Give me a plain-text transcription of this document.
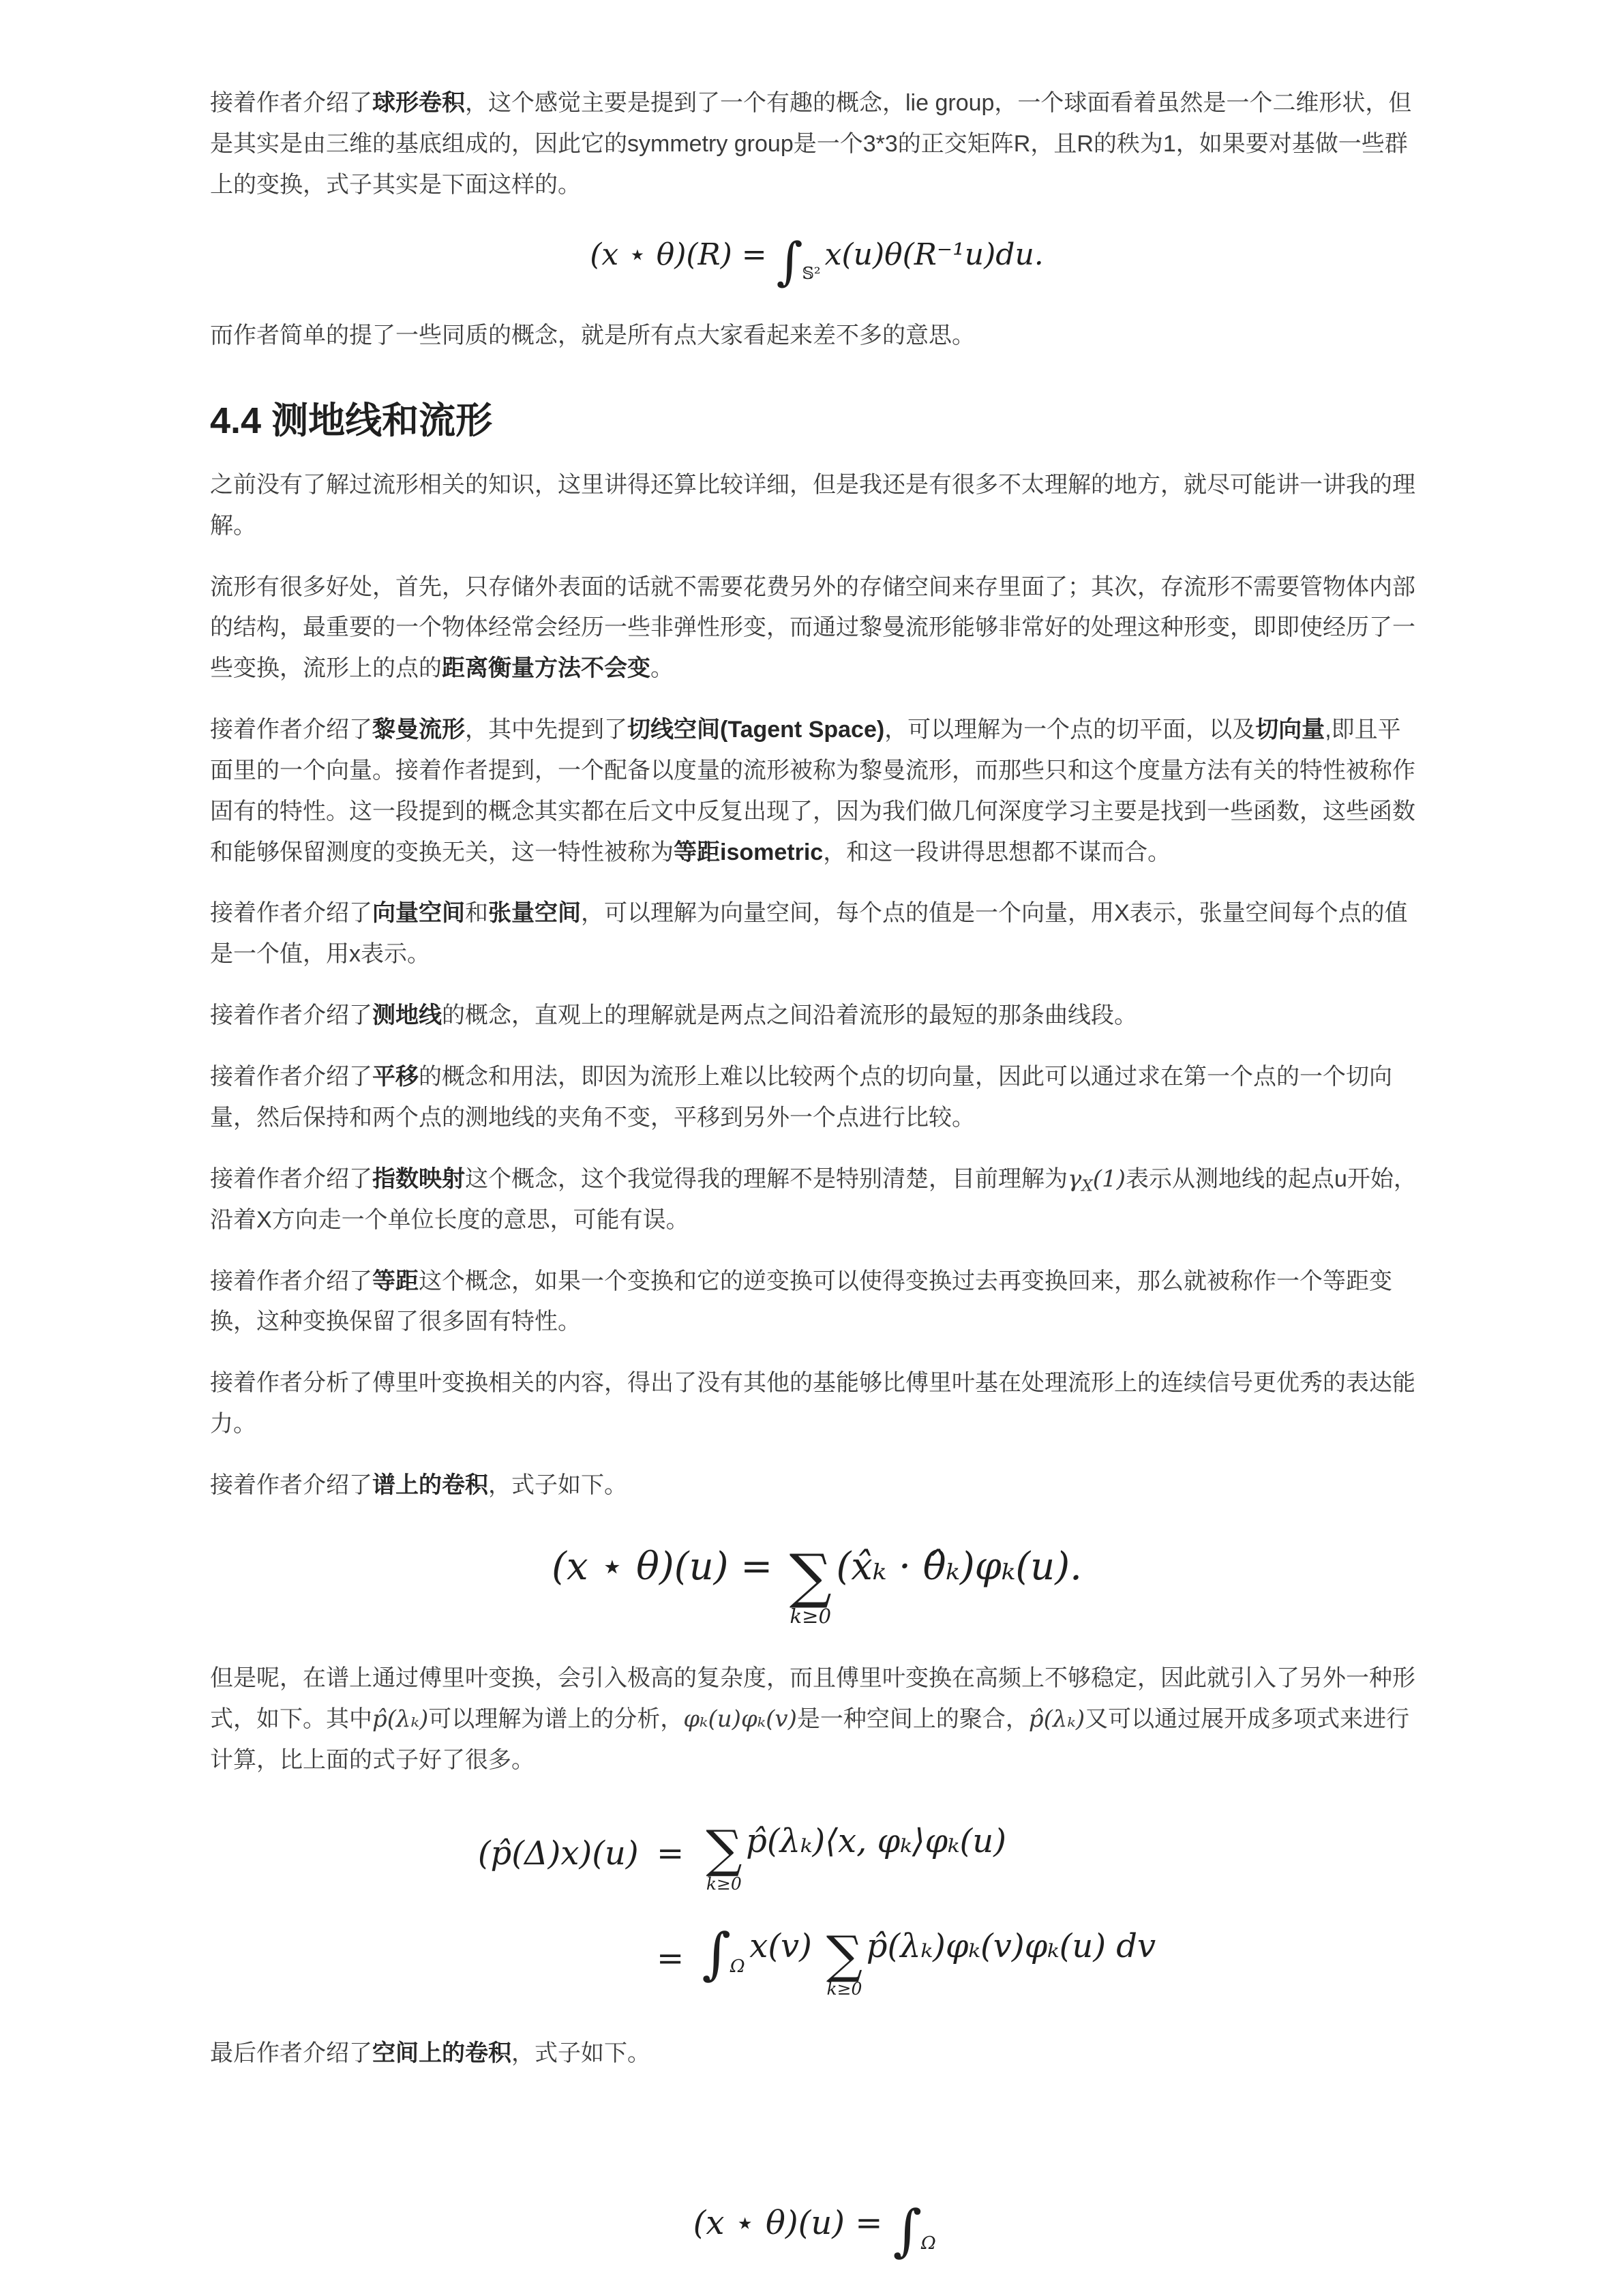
接着作者介绍了球形卷积，这个感觉主要是提到了一个有趣的概念，lie group，一个球面看着虽然是一个二维形状，但是其实是由三维的基底组成的，因此它的symmetry group是一个3*3的正交矩阵R，且R的秩为1，如果要对基做一些群上的变换，式子其实是下面这样的。

(x ⋆ $\theta)(R) = \int_{𝕊^2}x(u)\theta(R^{-1}u)du$.

而作者简单的提了一些同质的概念，就是所有点大家看起来差不多的意思。

4.4 测地线和流形

之前没有了解过流形相关的知识，这里讲得还算比较详细，但是我还是有很多不太理解的地方，就尽可能讲一讲我的理解。

流形有很多好处，首先，只存储外表面的话就不需要花费另外的存储空间来存里面了；其次，存流形不需要管物体内部的结构，最重要的一个物体经常会经历一些非弹性形变，而通过黎曼流形能够非常好的处理这种形变，即即使经历了一些变换，流形上的点的距离衡量方法不会变。

接着作者介绍了黎曼流形，其中先提到了切线空间(Tagent Space)，可以理解为一个点的切平面，以及切向量,即且平面里的一个向量。接着作者提到，一个配备以度量的流形被称为黎曼流形，而那些只和这个度量方法有关的特性被称作固有的特性。这一段提到的概念其实都在后文中反复出现了，因为我们做几何深度学习主要是找到一些函数，这些函数和能够保留测度的变换无关，这一特性被称为等距isometric，和这一段讲得思想都不谋而合。

接着作者介绍了向量空间和张量空间，可以理解为向量空间，每个点的值是一个向量，用X表示，张量空间每个点的值是一个值，用x表示。

接着作者介绍了测地线的概念，直观上的理解就是两点之间沿着流形的最短的那条曲线段。

接着作者介绍了平移的概念和用法，即因为流形上难以比较两个点的切向量，因此可以通过求在第一个点的一个切向量，然后保持和两个点的测地线的夹角不变，平移到另外一个点进行比较。

接着作者介绍了指数映射这个概念，这个我觉得我的理解不是特别清楚，目前理解为γX(1)表示从测地线的起点u开始，沿着X方向走一个单位长度的意思，可能有误。

接着作者介绍了等距这个概念，如果一个变换和它的逆变换可以使得变换过去再变换回来，那么就被称作一个等距变换，这种变换保留了很多固有特性。

接着作者分析了傅里叶变换相关的内容，得出了没有其他的基能够比傅里叶基在处理流形上的连续信号更优秀的表达能力。

接着作者介绍了谱上的卷积，式子如下。

(x ⋆ θ)(u) = ∑
k≥0
(x̂ₖ · θ̂ₖ)φₖ(u).

但是呢，在谱上通过傅里叶变换，会引入极高的复杂度，而且傅里叶变换在高频上不够稳定，因此就引入了另外一种形式，如下。其中p̂(λₖ)可以理解为谱上的分析，φₖ(u)φₖ(v)是一种空间上的聚合，p̂(λₖ)又可以通过展开成多项式来进行计算，比上面的式子好了很多。

(p̂(Δ)x)(u) = ∑
k≥0
p̂(λₖ)⟨x, φₖ⟩φₖ(u)
= $\int_\Omega x(v)$ ∑
k≥0
p̂(λₖ)φₖ(v)φₖ(u) dv

最后作者介绍了空间上的卷积，式子如下。

(x ⋆ $\theta)(u) = \int_\Omega$
